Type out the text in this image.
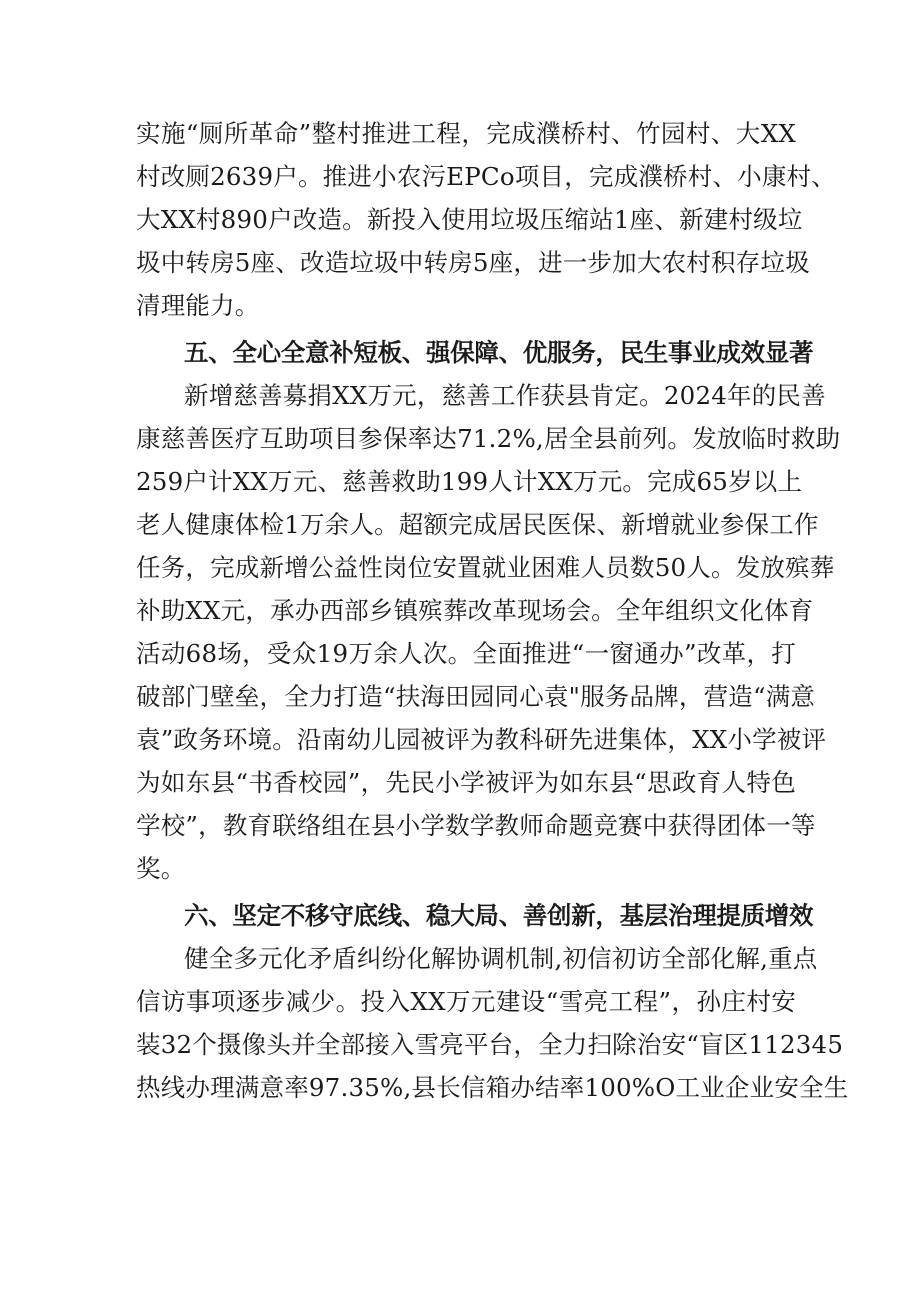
实施“厕所革命”整村推进工程，完成濮桥村、竹园村、大XX
村改厕2639户。推进小农污EPCo项目，完成濮桥村、小康村、
大XX村890户改造。新投入使用垃圾压缩站1座、新建村级垃
圾中转房5座、改造垃圾中转房5座，进一步加大农村积存垃圾
清理能力。
五、全心全意补短板、强保障、优服务，民生事业成效显著
新增慈善募捐XX万元，慈善工作获县肯定。2024年的民善
康慈善医疗互助项目参保率达71.2%,居全县前列。发放临时救助
259户计XX万元、慈善救助199人计XX万元。完成65岁以上
老人健康体检1万余人。超额完成居民医保、新增就业参保工作
任务，完成新增公益性岗位安置就业困难人员数50人。发放殡葬
补助XX元，承办西部乡镇殡葬改革现场会。全年组织文化体育
活动68场，受众19万余人次。全面推进“一窗通办”改革，打
破部门壁垒，全力打造“扶海田园同心袁"服务品牌，营造“满意
袁”政务环境。沿南幼儿园被评为教科研先进集体，XX小学被评
为如东县“书香校园”，先民小学被评为如东县“思政育人特色
学校”，教育联络组在县小学数学教师命题竞赛中获得团体一等
奖。
六、坚定不移守底线、稳大局、善创新，基层治理提质增效
健全多元化矛盾纠纷化解协调机制,初信初访全部化解,重点
信访事项逐步减少。投入XX万元建设“雪亮工程”，孙庄村安
装32个摄像头并全部接入雪亮平台，全力扫除治安“盲区112345
热线办理满意率97.35%,县长信箱办结率100%O工业企业安全生
